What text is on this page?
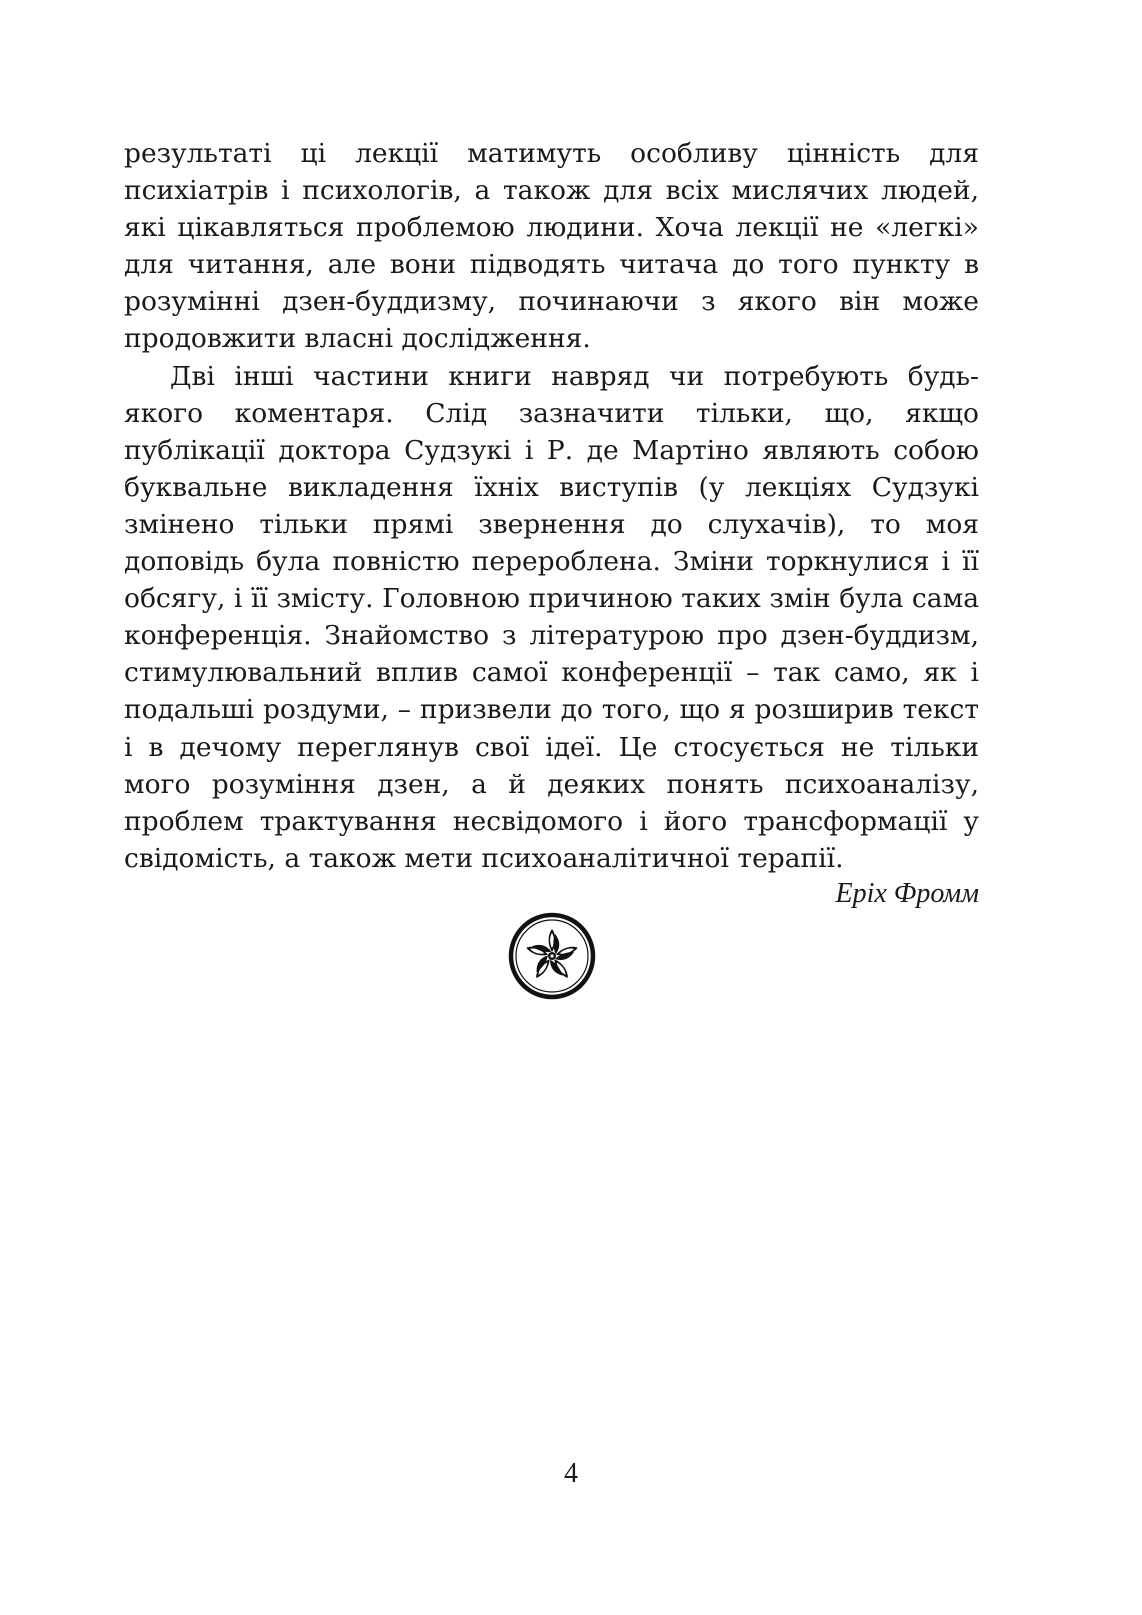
результаті ці лекції матимуть особливу цінність для психіатрів і психологів, а також для всіх мислячих людей, які цікавляться проблемою людини. Хоча лекції не «легкі» для читання, але вони підводять читача до того пункту в розумінні дзен-буддизму, починаючи з якого він може продовжити власні дослідження.

Дві інші частини книги навряд чи потребують будь-якого коментаря. Слід зазначити тільки, що, якщо публікації доктора Судзукі і Р. де Мартіно являють собою буквальне викладення їхніх виступів (у лекціях Судзукі змінено тільки прямі звернення до слухачів), то моя доповідь була повністю перероблена. Зміни торкнулися і її обсягу, і її змісту. Головною причиною таких змін була сама конференція. Знайомство з літературою про дзен-буддизм, стимулювальний вплив самої конференції – так само, як і подальші роздуми, – призвели до того, що я розширив текст і в дечому переглянув свої ідеї. Це стосується не тільки мого розуміння дзен, а й деяких понять психоаналізу, проблем трактування несвідомого і його трансформації у свідомість, а також мети психоаналітичної терапії.

Еріх Фромм
4
